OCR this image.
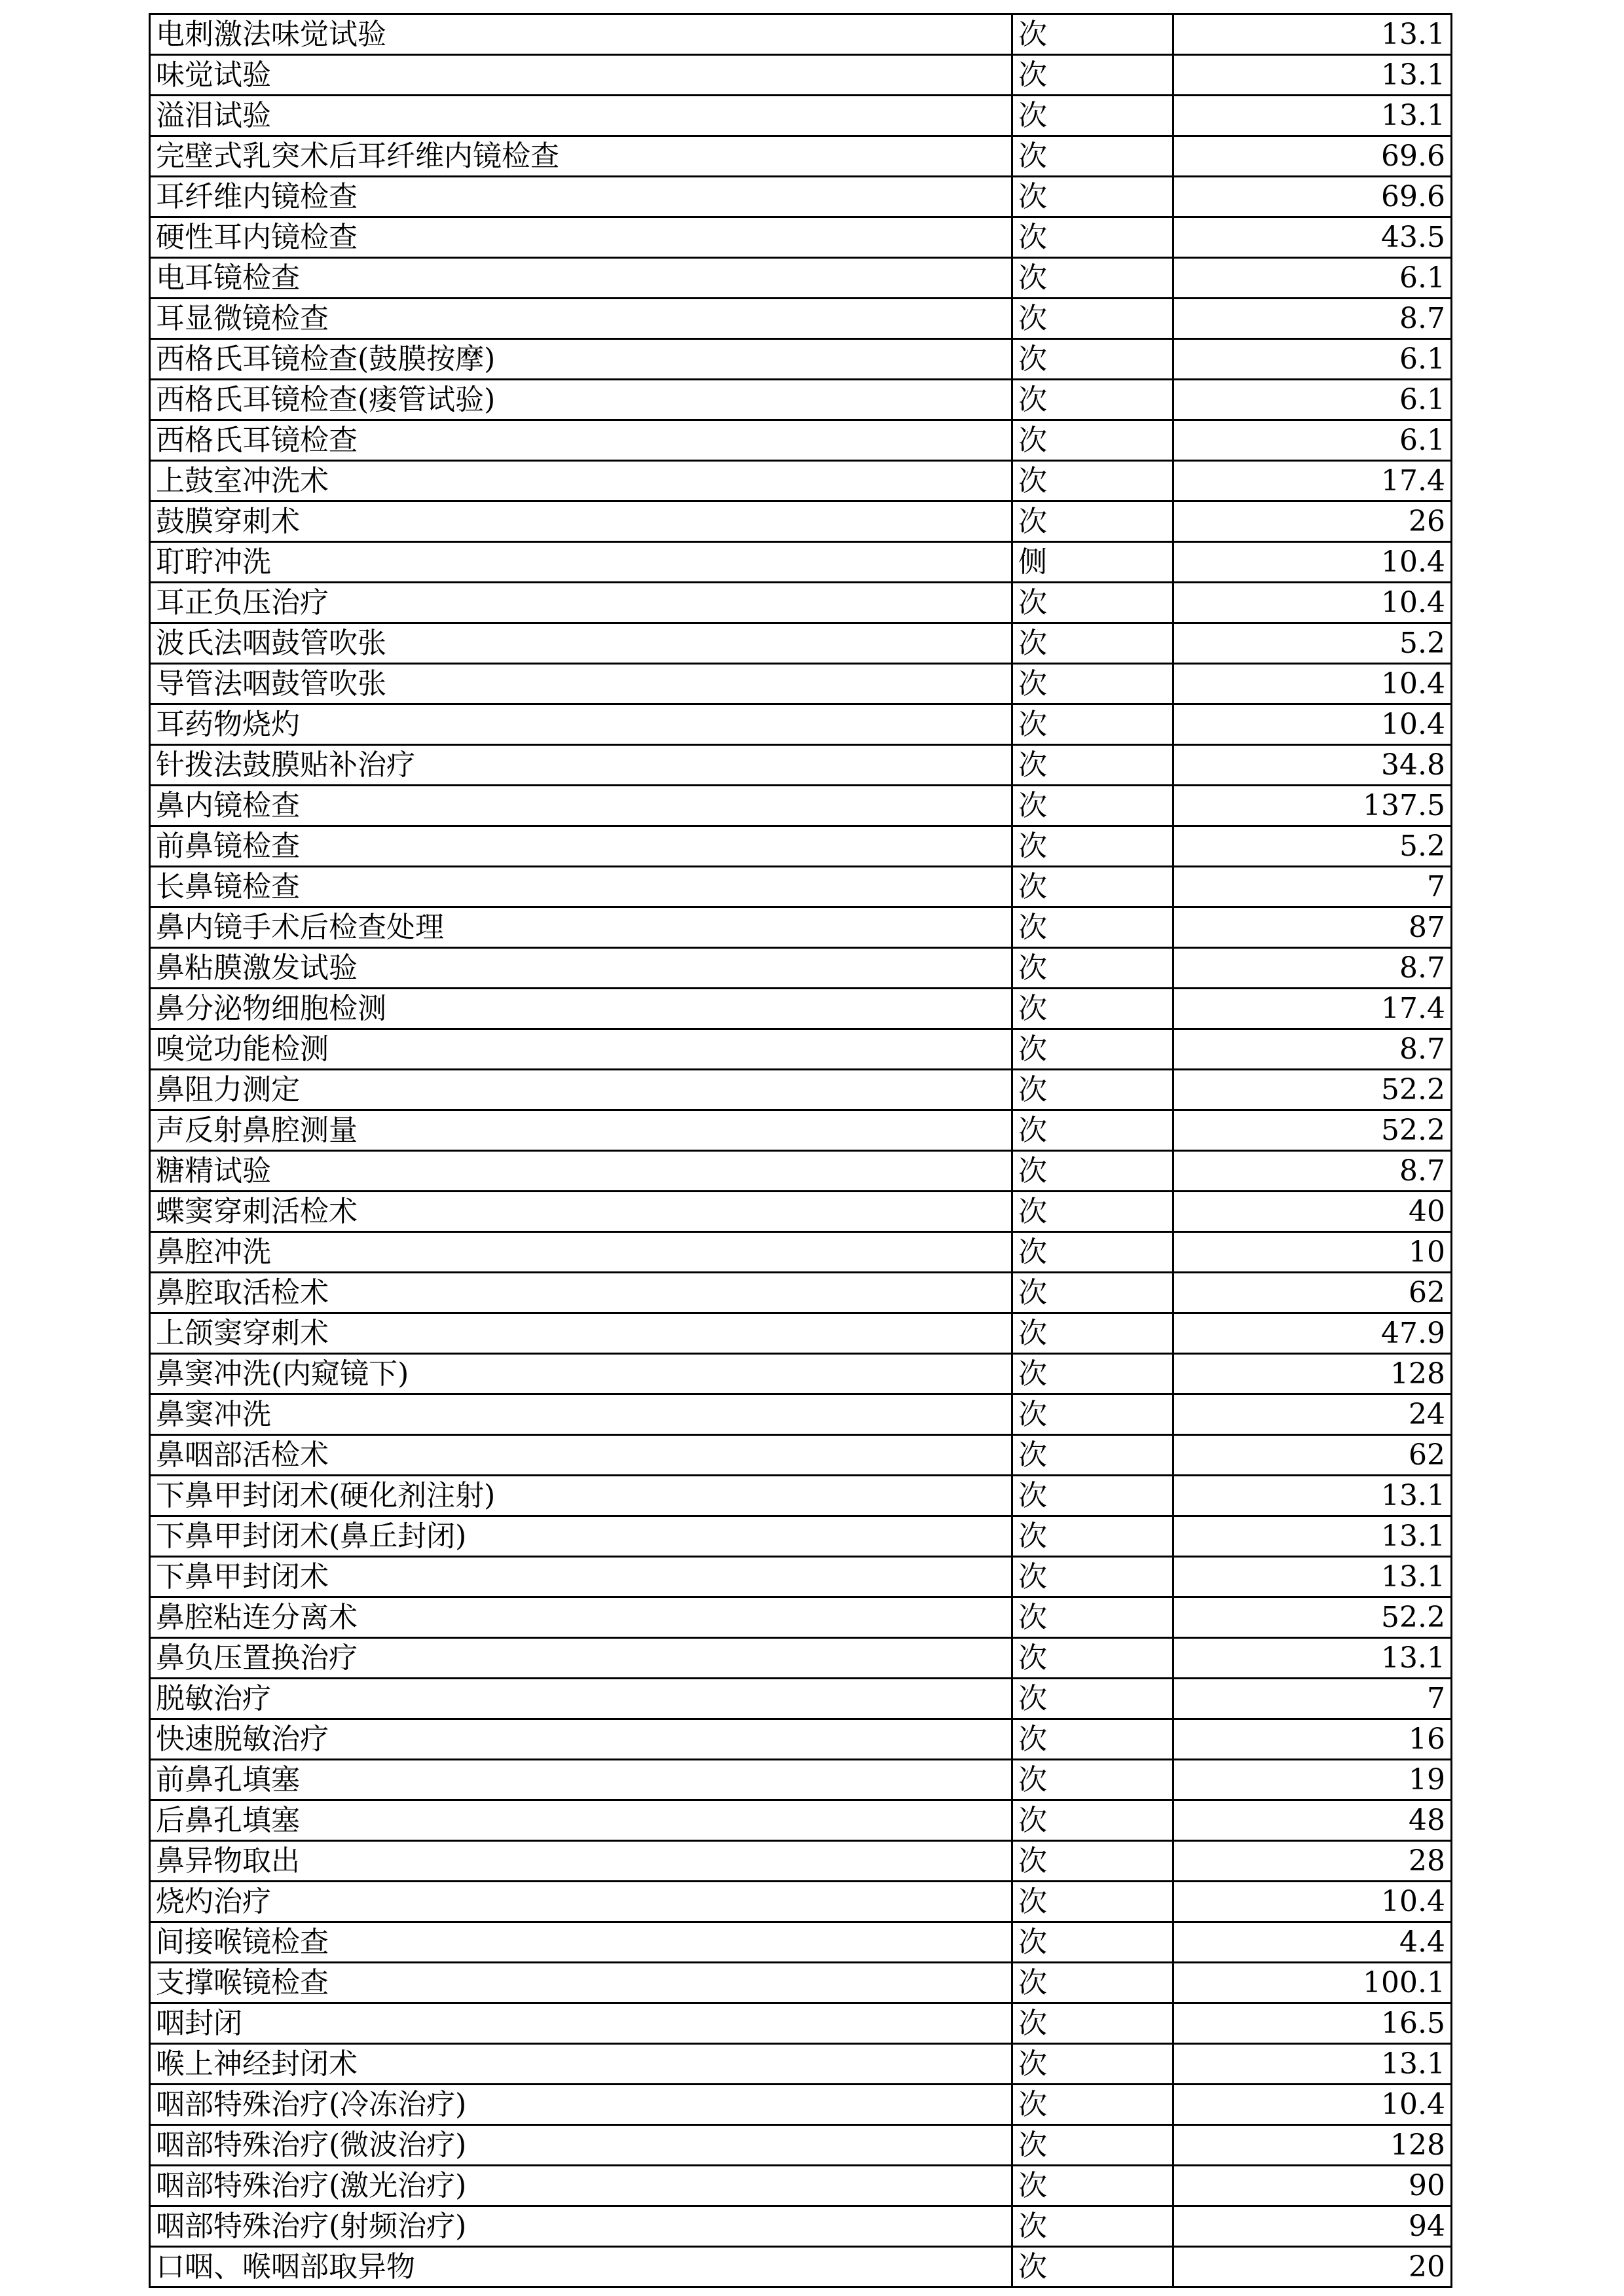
电刺激法味觉试验	次	13.1
味觉试验	次	13.1
溢泪试验	次	13.1
完壁式乳突术后耳纤维内镜检查	次	69.6
耳纤维内镜检查	次	69.6
硬性耳内镜检查	次	43.5
电耳镜检查	次	6.1
耳显微镜检查	次	8.7
西格氏耳镜检查(鼓膜按摩)	次	6.1
西格氏耳镜检查(瘘管试验)	次	6.1
西格氏耳镜检查	次	6.1
上鼓室冲洗术	次	17.4
鼓膜穿刺术	次	26
耵聍冲洗	侧	10.4
耳正负压治疗	次	10.4
波氏法咽鼓管吹张	次	5.2
导管法咽鼓管吹张	次	10.4
耳药物烧灼	次	10.4
针拨法鼓膜贴补治疗	次	34.8
鼻内镜检查	次	137.5
前鼻镜检查	次	5.2
长鼻镜检查	次	7
鼻内镜手术后检查处理	次	87
鼻粘膜激发试验	次	8.7
鼻分泌物细胞检测	次	17.4
嗅觉功能检测	次	8.7
鼻阻力测定	次	52.2
声反射鼻腔测量	次	52.2
糖精试验	次	8.7
蝶窦穿刺活检术	次	40
鼻腔冲洗	次	10
鼻腔取活检术	次	62
上颌窦穿刺术	次	47.9
鼻窦冲洗(内窥镜下)	次	128
鼻窦冲洗	次	24
鼻咽部活检术	次	62
下鼻甲封闭术(硬化剂注射)	次	13.1
下鼻甲封闭术(鼻丘封闭)	次	13.1
下鼻甲封闭术	次	13.1
鼻腔粘连分离术	次	52.2
鼻负压置换治疗	次	13.1
脱敏治疗	次	7
快速脱敏治疗	次	16
前鼻孔填塞	次	19
后鼻孔填塞	次	48
鼻异物取出	次	28
烧灼治疗	次	10.4
间接喉镜检查	次	4.4
支撑喉镜检查	次	100.1
咽封闭	次	16.5
喉上神经封闭术	次	13.1
咽部特殊治疗(冷冻治疗)	次	10.4
咽部特殊治疗(微波治疗)	次	128
咽部特殊治疗(激光治疗)	次	90
咽部特殊治疗(射频治疗)	次	94
口咽、喉咽部取异物	次	20
